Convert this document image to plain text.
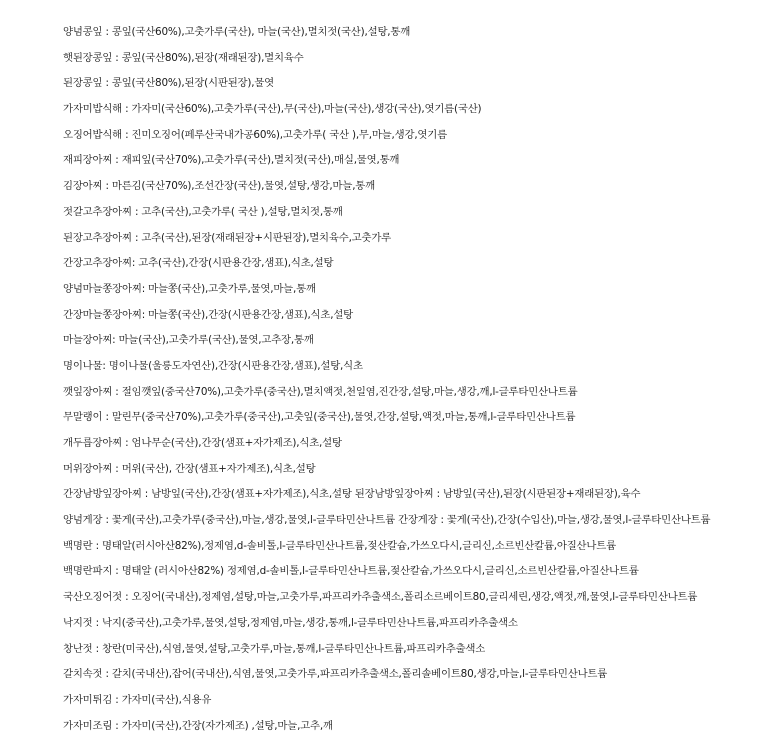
양념콩잎 : 콩잎(국산60%),고춧가루(국산), 마늘(국산),멸치젓(국산),설탕,통깨
햇된장콩잎 : 콩잎(국산80%),된장(재래된장),멸치육수
된장콩잎 : 콩잎(국산80%),된장(시판된장),물엿
가자미밥식해 : 가자미(국산60%),고춧가루(국산),무(국산),마늘(국산),생강(국산),엿기름(국산)
오징어밥식해 : 진미오징어(페루산국내가공60%),고춧가루( 국산 ),무,마늘,생강,엿기름
재피장아찌 : 재피잎(국산70%),고춧가루(국산),멸치젓(국산),매실,물엿,통깨
김장아찌 : 마른김(국산70%),조선간장(국산),물엿,설탕,생강,마늘,통깨
젓갈고추장아찌 : 고추(국산),고춧가루( 국산 ),설탕,멸치젓,통깨
된장고추장아찌 : 고추(국산),된장(재래된장+시판된장),멸치육수,고춧가루
간장고추장아찌: 고추(국산),간장(시판용간장,샘표),식초,설탕
양념마늘쫑장아찌: 마늘쫑(국산),고춧가루,물엿,마늘,통깨
간장마늘쫑장아찌: 마늘쫑(국산),간장(시판용간장,샘표),식초,설탕
마늘장아찌: 마늘(국산),고춧가루(국산),물엿,고추장,통깨
명이나물: 명이나물(울릉도자연산),간장(시판용간장,샘표),설탕,식초
깻잎장아찌 : 절임깻잎(중국산70%),고춧가루(중국산),멸치액젓,천일염,진간장,설탕,마늘,생강,깨,l-글루타민산나트륨
무말랭이 : 말린무(중국산70%),고춧가루(중국산),고춧잎(중국산),물엿,간장,설탕,액젓,마늘,통깨,l-글루타민산나트륨
개두릅장아찌 : 엄나무순(국산),간장(샘표+자가제조),식초,설탕
머위장아찌 : 머위(국산), 간장(샘표+자가제조),식초,설탕
간장남방잎장아찌 : 남방잎(국산),간장(샘표+자가제조),식초,설탕 된장남방잎장아찌 : 남방잎(국산),된장(시판된장+재래된장),육수
양념게장 : 꽃게(국산),고춧가루(중국산),마늘,생강,물엿,l-글루타민산나트륨 간장게장 : 꽃게(국산),간장(수입산),마늘,생강,물엿,l-글루타민산나트륨
백명란 : 명태알(러시아산82%),정제염,d-솔비톨,l-글루타민산나트륨,젖산칼슘,가쓰오다시,글리신,소르빈산칼륨,아질산나트륨
백명란파지 : 명태알 (러시아산82%) 정제염,d-솔비톨,l-글루타민산나트륨,젖산칼슘,가쓰오다시,글리신,소르빈산칼륨,아질산나트륨
국산오징어젓 : 오징어(국내산),정제염,설탕,마늘,고춧가루,파프리카추출색소,폴리소르베이트80,글리세린,생강,액젓,깨,물엿,l-글루타민산나트륨
낙지젓 : 낙지(중국산),고춧가루,물엿,설탕,정제염,마늘,생강,통깨,l-글루타민산나트륨,파프리카추출색소
창난젓 : 창란(미국산),식염,물엿,설탕,고춧가루,마늘,통깨,l-글루타민산나트륨,파프리카추출색소
갈치속젓 : 갈치(국내산),잡어(국내산),식염,물엿,고춧가루,파프리카추출색소,폴리솔베이트80,생강,마늘,l-글루타민산나트륨
가자미튀김 : 가자미(국산),식용유
가자미조림 : 가자미(국산),간장(자가제조) ,설탕,마늘,고추,깨
